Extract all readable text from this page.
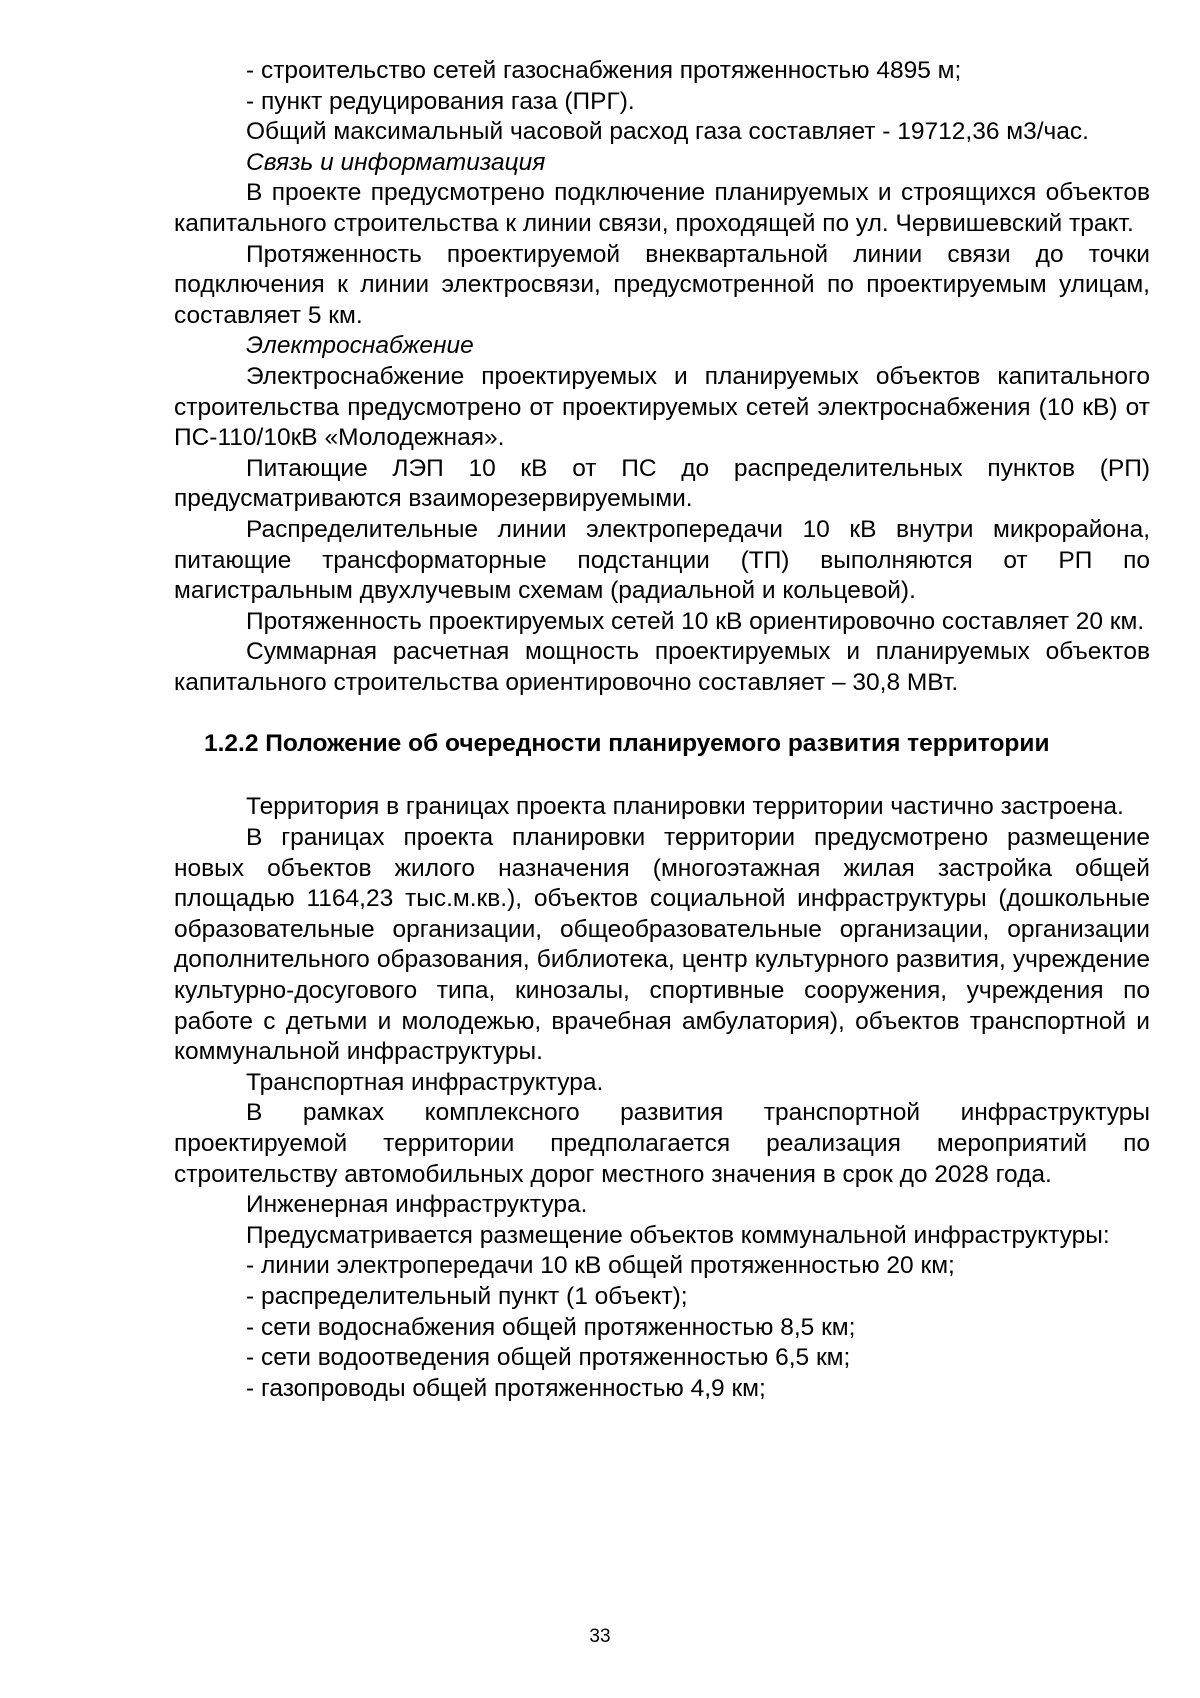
- строительство сетей газоснабжения протяженностью 4895 м;

- пункт редуцирования газа (ПРГ).

Общий максимальный часовой расход газа составляет - 19712,36 м3/час.

Связь и информатизация

В проекте предусмотрено подключение планируемых и строящихся объектов капитального строительства к линии связи, проходящей по ул. Червишевский тракт.

Протяженность проектируемой внеквартальной линии связи до точки подключения к линии электросвязи, предусмотренной по проектируемым улицам, составляет 5 км.

Электроснабжение

Электроснабжение проектируемых и планируемых объектов капитального строительства предусмотрено от проектируемых сетей электроснабжения (10 кВ) от ПС-110/10кВ «Молодежная».

Питающие ЛЭП 10 кВ от ПС до распределительных пунктов (РП) предусматриваются взаиморезервируемыми.

Распределительные линии электропередачи 10 кВ внутри микрорайона, питающие трансформаторные подстанции (ТП) выполняются от РП по магистральным двухлучевым схемам (радиальной и кольцевой).

Протяженность проектируемых сетей 10 кВ ориентировочно составляет 20 км.

Суммарная расчетная мощность проектируемых и планируемых объектов капитального строительства ориентировочно составляет – 30,8 МВт.

1.2.2 Положение об очередности планируемого развития территории

Территория в границах проекта планировки территории частично застроена.

В границах проекта планировки территории предусмотрено размещение новых объектов жилого назначения (многоэтажная жилая застройка общей площадью 1164,23 тыс.м.кв.), объектов социальной инфраструктуры (дошкольные образовательные организации, общеобразовательные организации, организации дополнительного образования, библиотека, центр культурного развития, учреждение культурно-досугового типа, кинозалы, спортивные сооружения, учреждения по работе с детьми и молодежью, врачебная амбулатория), объектов транспортной и коммунальной инфраструктуры.

Транспортная инфраструктура.

В рамках комплексного развития транспортной инфраструктуры проектируемой территории предполагается реализация мероприятий по строительству автомобильных дорог местного значения в срок до 2028 года.

Инженерная инфраструктура.

Предусматривается размещение объектов коммунальной инфраструктуры:

- линии электропередачи 10 кВ общей протяженностью 20 км;

- распределительный пункт (1 объект);

- сети водоснабжения общей протяженностью 8,5 км;

- сети водоотведения общей протяженностью 6,5 км;

- газопроводы общей протяженностью 4,9 км;

33
